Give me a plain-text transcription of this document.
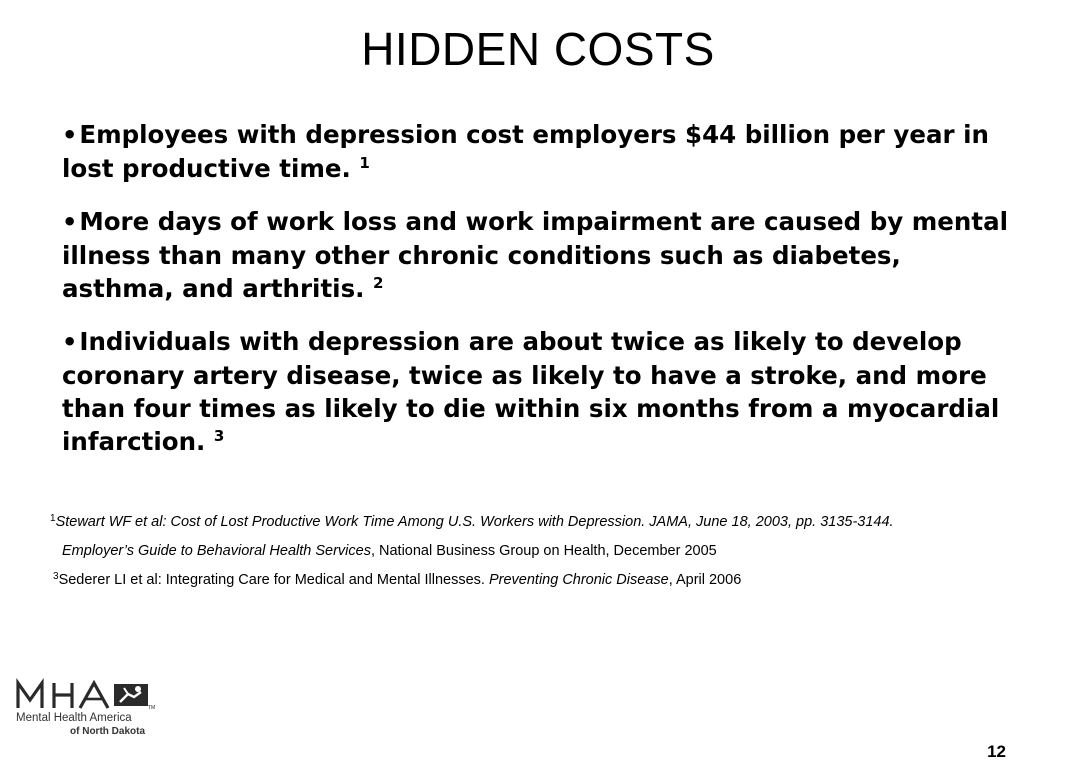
HIDDEN COSTS
•Employees with depression cost employers $44 billion per year in lost productive time. $^1$
•More days of work loss and work impairment are caused by mental illness than many other chronic conditions such as diabetes, asthma, and arthritis. $^2$
•Individuals with depression are about twice as likely to develop coronary artery disease, twice as likely to have a stroke, and more than four times as likely to die within six months from a myocardial infarction. $^3$
$^1$Stewart WF et al: Cost of Lost Productive Work Time Among U.S. Workers with Depression. JAMA, June 18, 2003, pp. 3135-3144.
Employer’s Guide to Behavioral Health Services, National Business Group on Health, December 2005
$^3$Sederer LI et al: Integrating Care for Medical and Mental Illnesses. Preventing Chronic Disease, April 2006
TM
Mental Health America
of North Dakota
12
